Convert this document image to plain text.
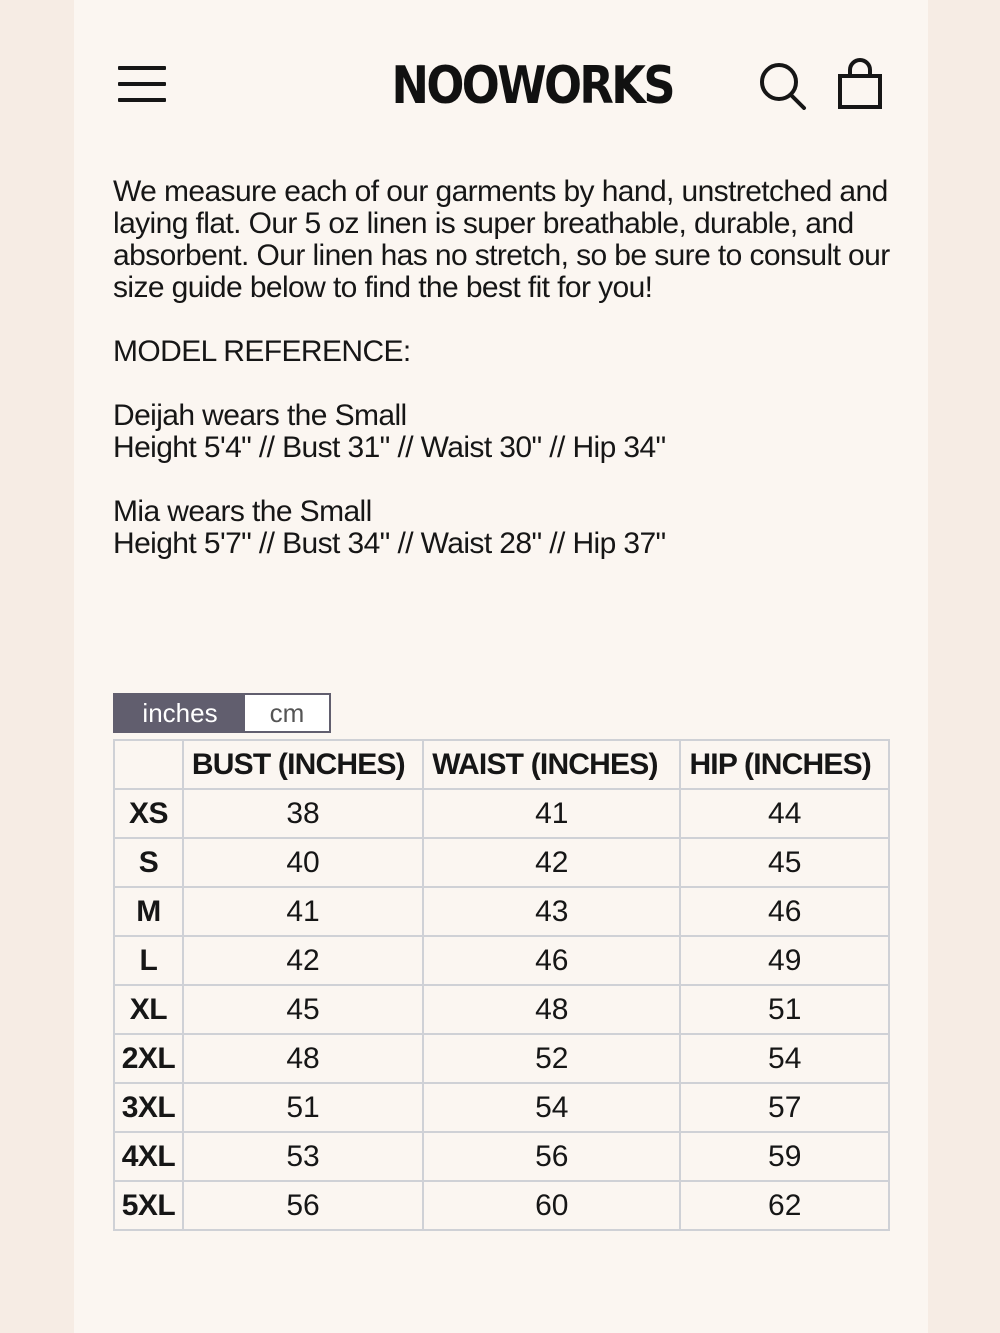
NOOWORKS

We measure each of our garments by hand, unstretched and laying flat. Our 5 oz linen is super breathable, durable, and absorbent. Our linen has no stretch, so be sure to consult our size guide below to find the best fit for you!

MODEL REFERENCE:

Deijah wears the Small

Height 5'4" // Bust 31" // Waist 30" // Hip 34"

Mia wears the Small

Height 5'7" // Bust 34" // Waist 28" // Hip 37"

inches	cm
	BUST (INCHES)	WAIST (INCHES)	HIP (INCHES)
XS	38	41	44
S	40	42	45
M	41	43	46
L	42	46	49
XL	45	48	51
2XL	48	52	54
3XL	51	54	57
4XL	53	56	59
5XL	56	60	62
